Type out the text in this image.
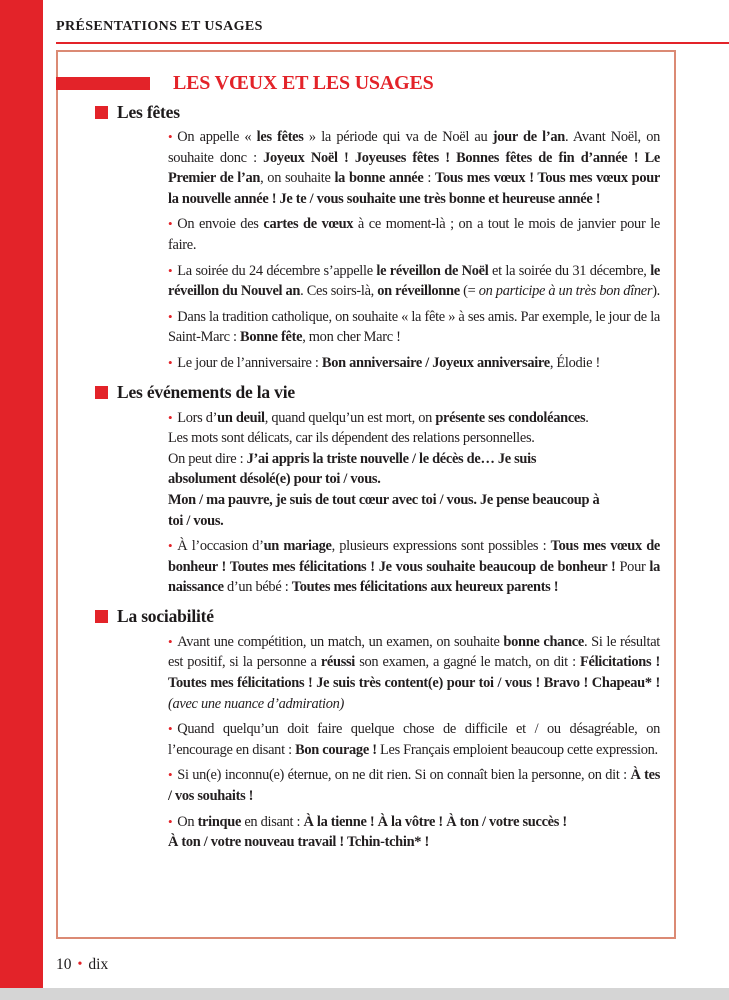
PRÉSENTATIONS ET USAGES
LES VŒUX ET LES USAGES
Les fêtes

• On appelle « les fêtes » la période qui va de Noël au jour de l’an. Avant Noël, on souhaite donc : Joyeux Noël ! Joyeuses fêtes ! Bonnes fêtes de fin d’année ! Le Premier de l’an, on souhaite la bonne année : Tous mes vœux ! Tous mes vœux pour la nouvelle année ! Je te / vous souhaite une très bonne et heureuse année !

• On envoie des cartes de vœux à ce moment-là ; on a tout le mois de janvier pour le faire.

• La soirée du 24 décembre s’appelle le réveillon de Noël et la soirée du 31 décembre, le réveillon du Nouvel an. Ces soirs-là, on réveillonne (= on participe à un très bon dîner).

• Dans la tradition catholique, on souhaite « la fête » à ses amis. Par exemple, le jour de la Saint-Marc : Bonne fête, mon cher Marc !

• Le jour de l’anniversaire : Bon anniversaire / Joyeux anniversaire, Élodie !

Les événements de la vie

• Lors d’un deuil, quand quelqu’un est mort, on présente ses condoléances.
Les mots sont délicats, car ils dépendent des relations personnelles.
On peut dire : J’ai appris la triste nouvelle / le décès de… Je suis
absolument désolé(e) pour toi / vous.
Mon / ma pauvre, je suis de tout cœur avec toi / vous. Je pense beaucoup à
toi / vous.

• À l’occasion d’un mariage, plusieurs expressions sont possibles : Tous mes vœux de bonheur ! Toutes mes félicitations ! Je vous souhaite beaucoup de bonheur ! Pour la naissance d’un bébé : Toutes mes félicitations aux heureux parents !

La sociabilité

• Avant une compétition, un match, un examen, on souhaite bonne chance. Si le résultat est positif, si la personne a réussi son examen, a gagné le match, on dit : Félicitations ! Toutes mes félicitations ! Je suis très content(e) pour toi / vous ! Bravo ! Chapeau* ! (avec une nuance d’admiration)

• Quand quelqu’un doit faire quelque chose de difficile et / ou désagréable, on l’encourage en disant : Bon courage ! Les Français emploient beaucoup cette expression.

• Si un(e) inconnu(e) éternue, on ne dit rien. Si on connaît bien la personne, on dit : À tes / vos souhaits !

• On trinque en disant : À la tienne ! À la vôtre ! À ton / votre succès !
À ton / votre nouveau travail ! Tchin-tchin* !

10 • dix
